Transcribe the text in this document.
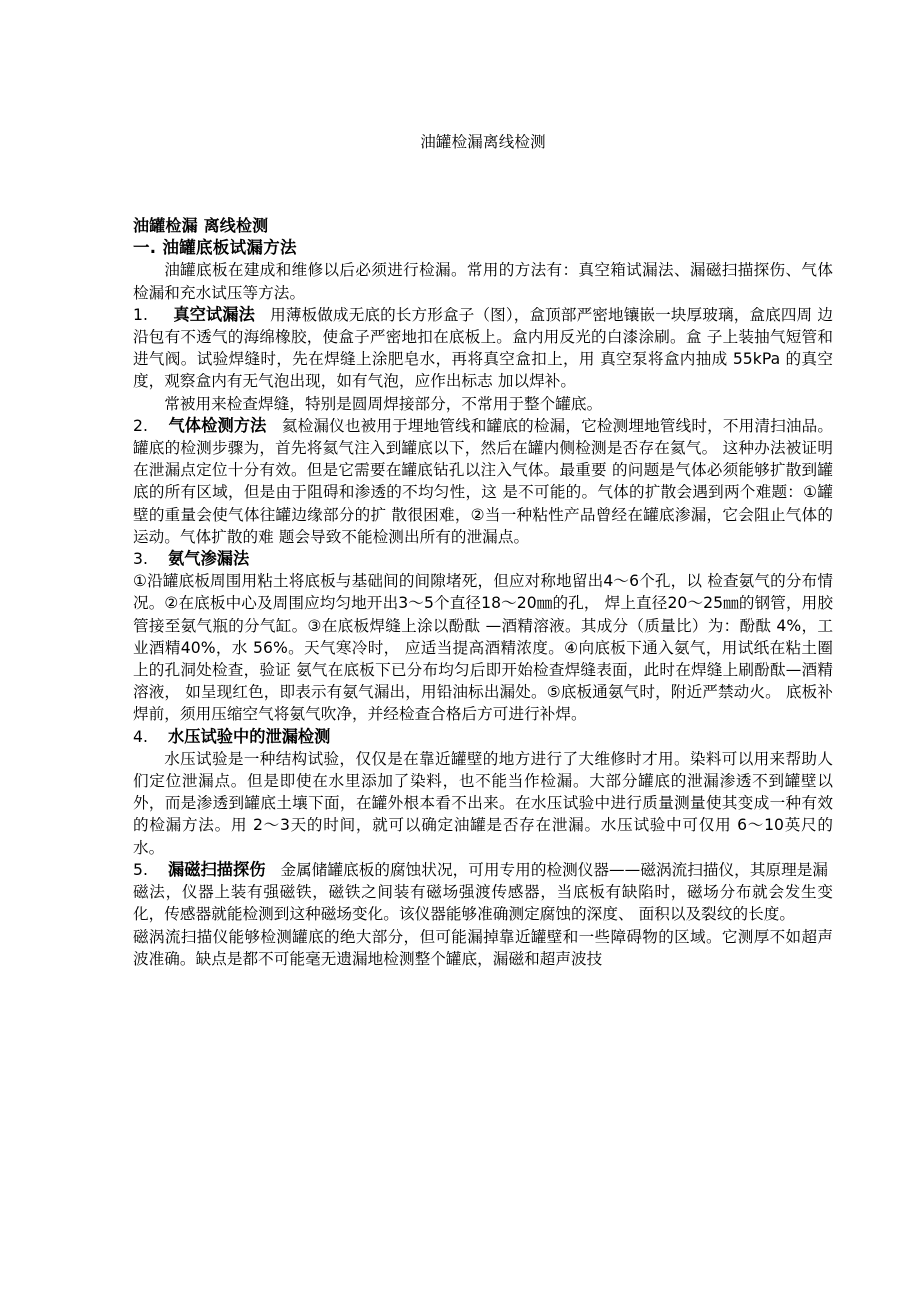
油罐检漏离线检测
油罐检漏 离线检测
一. 油罐底板试漏方法
油罐底板在建成和维修以后必须进行检漏。常用的方法有：真空箱试漏法、漏磁扫描探伤、气体检漏和充水试压等方法。
1. 真空试漏法 用薄板做成无底的长方形盒子（图），盒顶部严密地镶嵌一块厚玻璃，盒底四周 边沿包有不透气的海绵橡胶，使盒子严密地扣在底板上。盒内用反光的白漆涂刷。盒 子上装抽气短管和进气阀。试验焊缝时，先在焊缝上涂肥皂水，再将真空盒扣上，用 真空泵将盒内抽成 55kPa 的真空度，观察盒内有无气泡出现，如有气泡，应作出标志 加以焊补。
常被用来检查焊缝，特别是圆周焊接部分，不常用于整个罐底。
2. 气体检测方法 氦检漏仪也被用于埋地管线和罐底的检漏，它检测埋地管线时，不用清扫油品。 罐底的检测步骤为，首先将氦气注入到罐底以下，然后在罐内侧检测是否存在氦气。 这种办法被证明在泄漏点定位十分有效。但是它需要在罐底钻孔以注入气体。最重要 的问题是气体必须能够扩散到罐底的所有区域，但是由于阻碍和渗透的不均匀性，这 是不可能的。气体的扩散会遇到两个难题：①罐壁的重量会使气体往罐边缘部分的扩 散很困难，②当一种粘性产品曾经在罐底渗漏，它会阻止气体的运动。气体扩散的难 题会导致不能检测出所有的泄漏点。
3. 氨气渗漏法
①沿罐底板周围用粘土将底板与基础间的间隙堵死，但应对称地留出4～6个孔，以 检查氨气的分布情况。②在底板中心及周围应均匀地开出3～5个直径18～20㎜的孔， 焊上直径20～25㎜的钢管，用胶管接至氨气瓶的分气缸。③在底板焊缝上涂以酚酞 —酒精溶液。其成分（质量比）为：酚酞 4%，工业酒精40%，水 56%。天气寒冷时， 应适当提高酒精浓度。④向底板下通入氨气，用试纸在粘土圈上的孔洞处检查，验证 氨气在底板下已分布均匀后即开始检查焊缝表面，此时在焊缝上刷酚酞—酒精溶液， 如呈现红色，即表示有氨气漏出，用铅油标出漏处。⑤底板通氨气时，附近严禁动火。 底板补焊前，须用压缩空气将氨气吹净，并经检查合格后方可进行补焊。
4. 水压试验中的泄漏检测
水压试验是一种结构试验，仅仅是在靠近罐壁的地方进行了大维修时才用。染料可以用来帮助人们定位泄漏点。但是即使在水里添加了染料，也不能当作检漏。大部分罐底的泄漏渗透不到罐壁以外，而是渗透到罐底土壤下面，在罐外根本看不出来。在水压试验中进行质量测量使其变成一种有效的检漏方法。用 2～3天的时间，就可以确定油罐是否存在泄漏。水压试验中可仅用 6～10英尺的水。
5. 漏磁扫描探伤 金属储罐底板的腐蚀状况，可用专用的检测仪器——磁涡流扫描仪，其原理是漏
磁法，仪器上装有强磁铁，磁铁之间装有磁场强渡传感器，当底板有缺陷时，磁场分布就会发生变化，传感器就能检测到这种磁场变化。该仪器能够准确测定腐蚀的深度、 面积以及裂纹的长度。
磁涡流扫描仪能够检测罐底的绝大部分，但可能漏掉靠近罐壁和一些障碍物的区域。它测厚不如超声波准确。缺点是都不可能毫无遗漏地检测整个罐底，漏磁和超声波技
